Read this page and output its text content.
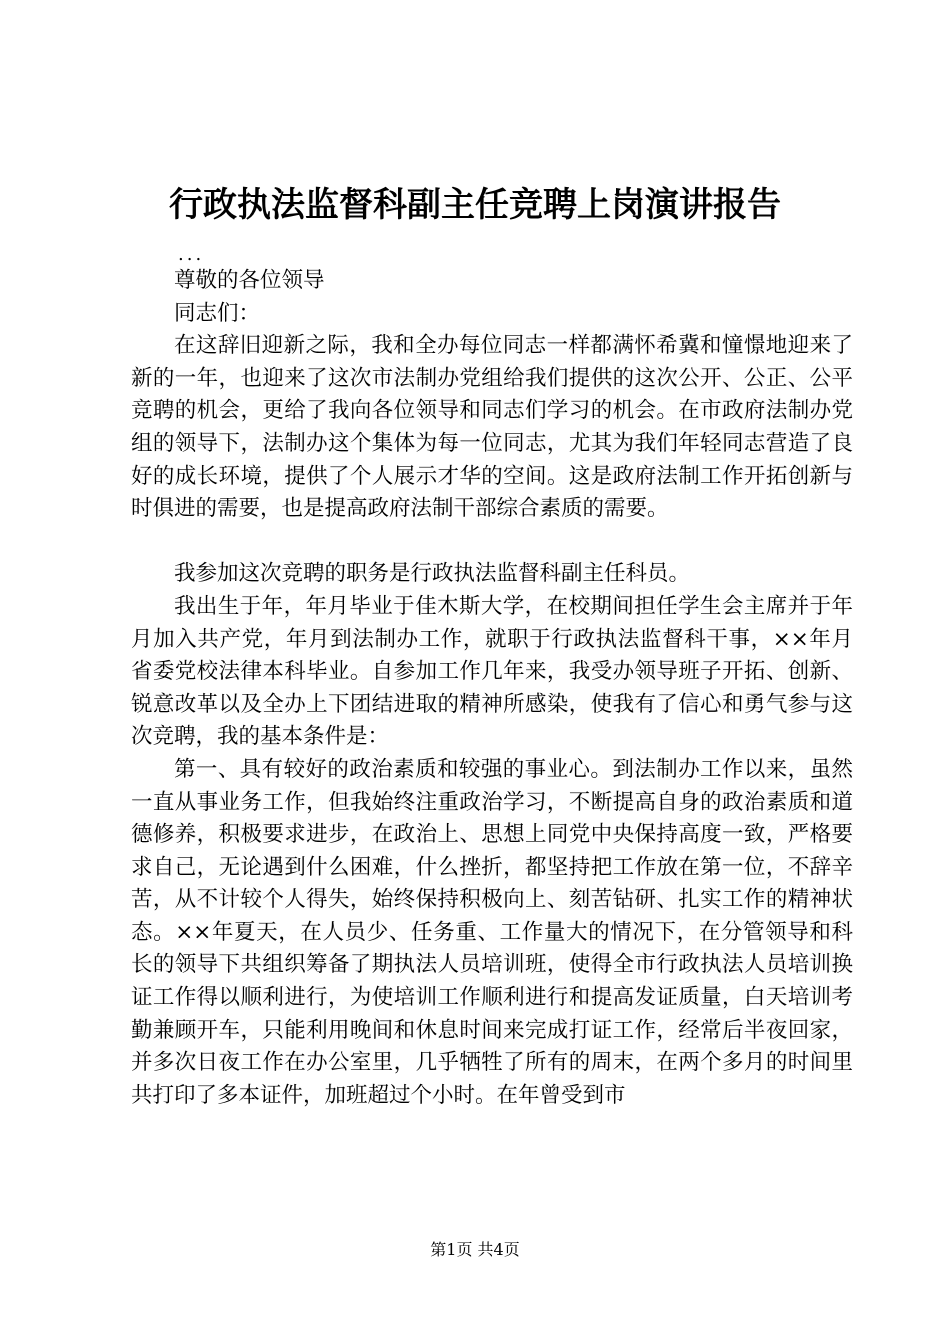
行政执法监督科副主任竞聘上岗演讲报告
...

尊敬的各位领导

同志们：

在这辞旧迎新之际，我和全办每位同志一样都满怀希冀和憧憬地迎来了新的一年，也迎来了这次市法制办党组给我们提供的这次公开、公正、公平竞聘的机会，更给了我向各位领导和同志们学习的机会。在市政府法制办党组的领导下，法制办这个集体为每一位同志，尤其为我们年轻同志营造了良好的成长环境，提供了个人展示才华的空间。这是政府法制工作开拓创新与时俱进的需要，也是提高政府法制干部综合素质的需要。

我参加这次竞聘的职务是行政执法监督科副主任科员。

我出生于年，年月毕业于佳木斯大学，在校期间担任学生会主席并于年月加入共产党，年月到法制办工作，就职于行政执法监督科干事，××年月省委党校法律本科毕业。自参加工作几年来，我受办领导班子开拓、创新、锐意改革以及全办上下团结进取的精神所感染，使我有了信心和勇气参与这次竞聘，我的基本条件是：

第一、具有较好的政治素质和较强的事业心。到法制办工作以来，虽然一直从事业务工作，但我始终注重政治学习，不断提高自身的政治素质和道德修养，积极要求进步，在政治上、思想上同党中央保持高度一致，严格要求自己，无论遇到什么困难，什么挫折，都坚持把工作放在第一位，不辞辛苦，从不计较个人得失，始终保持积极向上、刻苦钻研、扎实工作的精神状态。××年夏天，在人员少、任务重、工作量大的情况下，在分管领导和科长的领导下共组织筹备了期执法人员培训班，使得全市行政执法人员培训换证工作得以顺利进行，为使培训工作顺利进行和提高发证质量，白天培训考勤兼顾开车，只能利用晚间和休息时间来完成打证工作，经常后半夜回家，并多次日夜工作在办公室里，几乎牺牲了所有的周末，在两个多月的时间里共打印了多本证件，加班超过个小时。在年曾受到市

第1页 共4页
